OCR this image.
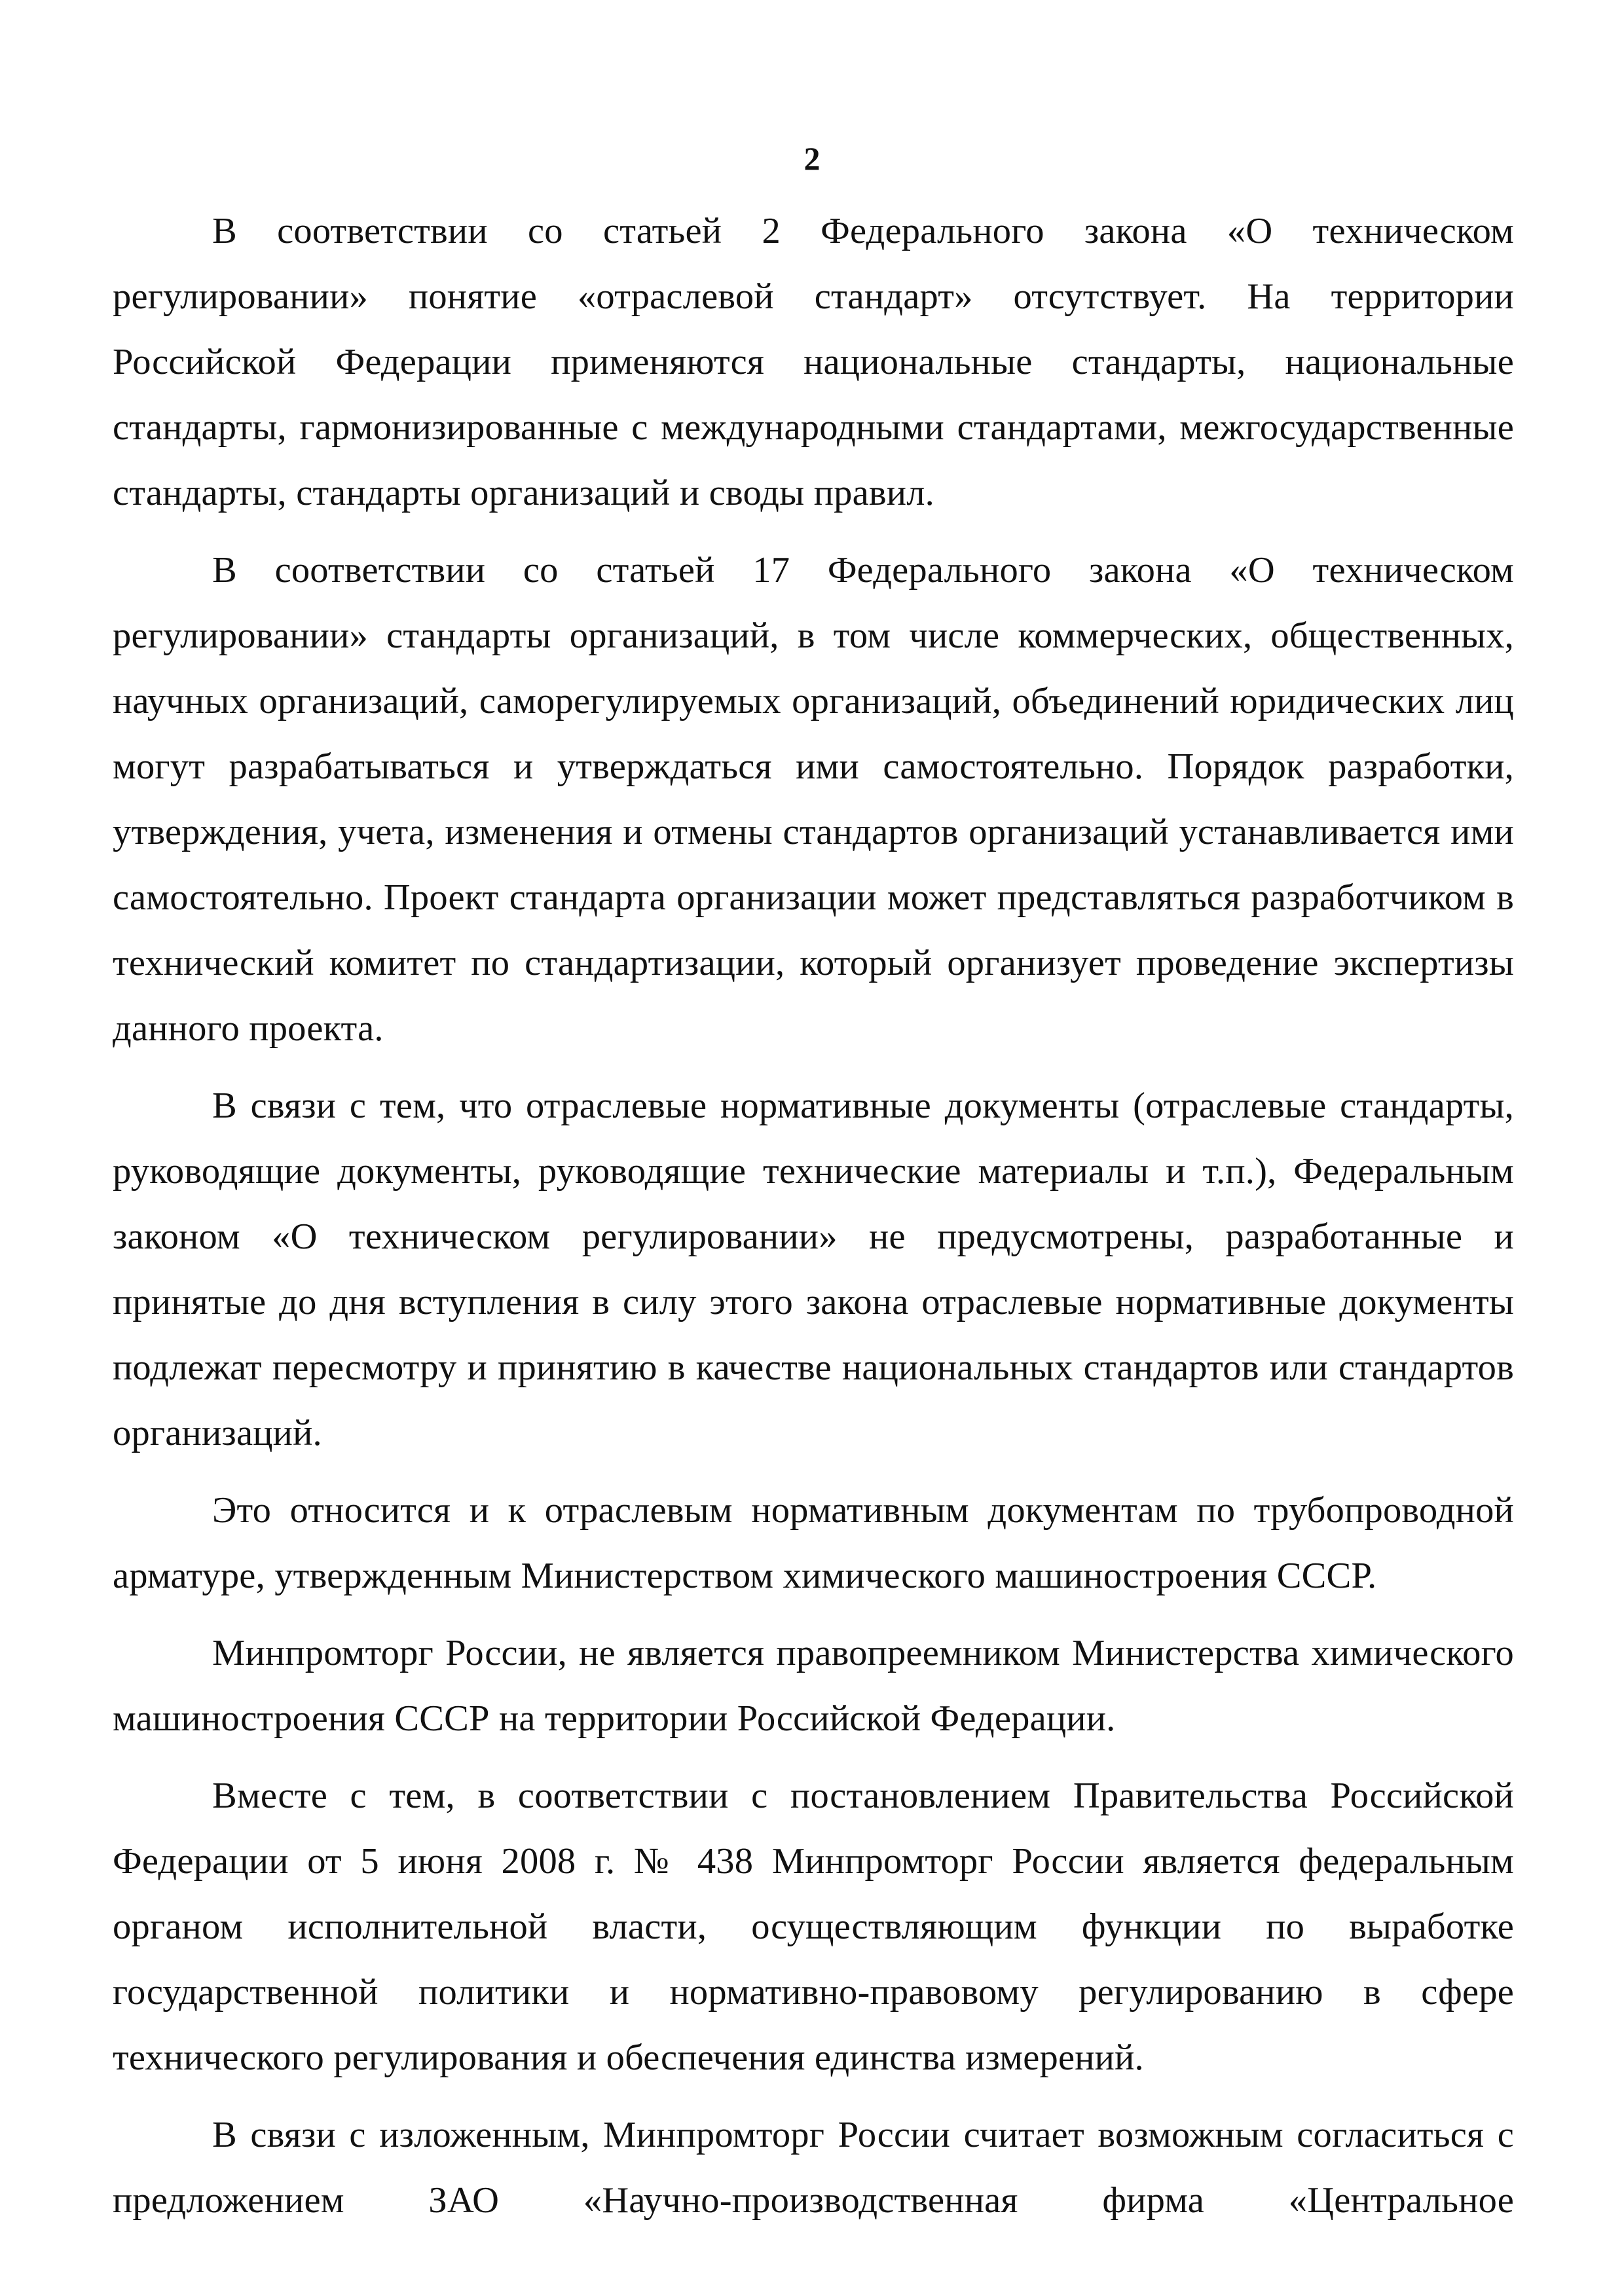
2

В соответствии со статьей 2 Федерального закона «О техническом регулировании» понятие «отраслевой стандарт» отсутствует. На территории Российской Федерации применяются национальные стандарты, национальные стандарты, гармонизированные с международными стандартами, межгосударственные стандарты, стандарты организаций и своды правил.

В соответствии со статьей 17 Федерального закона «О техническом регулировании» стандарты организаций, в том числе коммерческих, общественных, научных организаций, саморегулируемых организаций, объединений юридических лиц могут разрабатываться и утверждаться ими самостоятельно. Порядок разработки, утверждения, учета, изменения и отмены стандартов организаций устанавливается ими самостоятельно. Проект стандарта организации может представляться разработчиком в технический комитет по стандартизации, который организует проведение экспертизы данного проекта.

В связи с тем, что отраслевые нормативные документы (отраслевые стандарты, руководящие документы, руководящие технические материалы и т.п.), Федеральным законом «О техническом регулировании» не предусмотрены, разработанные и принятые до дня вступления в силу этого закона отраслевые нормативные документы подлежат пересмотру и принятию в качестве национальных стандартов или стандартов организаций.

Это относится и к отраслевым нормативным документам по трубопроводной арматуре, утвержденным Министерством химического машиностроения СССР.

Минпромторг России, не является правопреемником Министерства химического машиностроения СССР на территории Российской Федерации.

Вместе с тем, в соответствии с постановлением Правительства Российской Федерации от 5 июня 2008 г. № 438 Минпромторг России является федеральным органом исполнительной власти, осуществляющим функции по выработке государственной политики и нормативно-правовому регулированию в сфере технического регулирования и обеспечения единства измерений.

В связи с изложенным, Минпромторг России считает возможным согласиться с предложением ЗАО «Научно-производственная фирма «Центральное
